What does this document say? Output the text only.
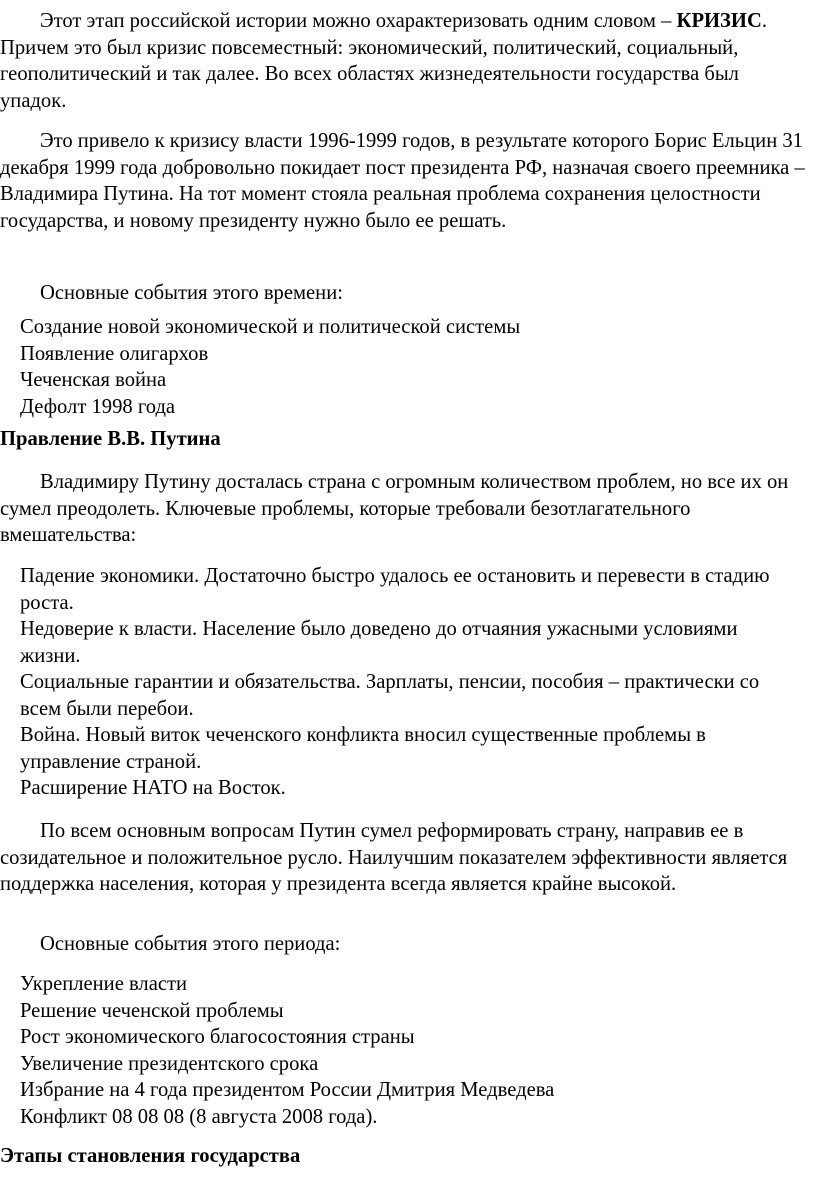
Этот этап российской истории можно охарактеризовать одним словом – КРИЗИС. Причем это был кризис повсеместный: экономический, политический, социальный, геополитический и так далее. Во всех областях жизнедеятельности государства был упадок.

Это привело к кризису власти 1996-1999 годов, в результате которого Борис Ельцин 31 декабря 1999 года добровольно покидает пост президента РФ, назначая своего преемника – Владимира Путина. На тот момент стояла реальная проблема сохранения целостности государства, и новому президенту нужно было ее решать.

Основные события этого времени:

Создание новой экономической и политической системы
Появление олигархов
Чеченская война
Дефолт 1998 года
Правление В.В. Путина

Владимиру Путину досталась страна с огромным количеством проблем, но все их он сумел преодолеть. Ключевые проблемы, которые требовали безотлагательного вмешательства:

Падение экономики. Достаточно быстро удалось ее остановить и перевести в стадию роста.
Недоверие к власти. Население было доведено до отчаяния ужасными условиями жизни.
Социальные гарантии и обязательства. Зарплаты, пенсии, пособия – практически со всем были перебои.
Война. Новый виток чеченского конфликта вносил существенные проблемы в управление страной.
Расширение НАТО на Восток.

По всем основным вопросам Путин сумел реформировать страну, направив ее в созидательное и положительное русло. Наилучшим показателем эффективности является поддержка населения, которая у президента всегда является крайне высокой.

Основные события этого периода:

Укрепление власти
Решение чеченской проблемы
Рост экономического благосостояния страны
Увеличение президентского срока
Избрание на 4 года президентом России Дмитрия Медведева
Конфликт 08 08 08 (8 августа 2008 года).
Этапы становления государства
